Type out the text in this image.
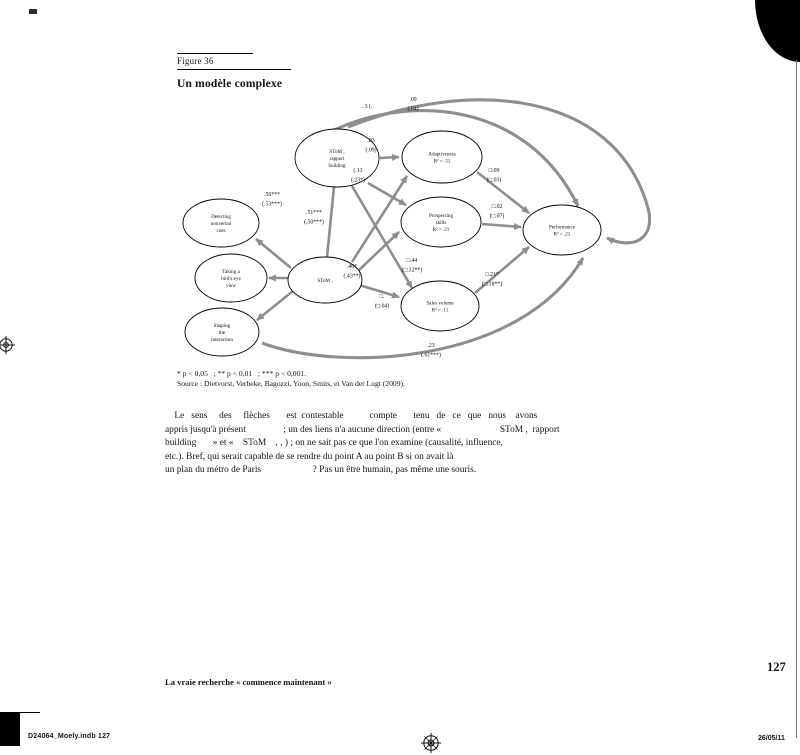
Figure 36
Un modèle complexe
SToM ,
rapport
building
Detecting
nonverbal
cues
Taking a
bird's eye
view
Shaping
the
interaction
SToM ,
Adaptiveness
R² = .51
Prospecting
skills
R² = .21
Sales volume
R² = .11
Performance
R² = .21
.03
(.09)
(.13
(.23*)
.56***
(.53***)
.51***
(.50***)
.46*
(.43**)
□.44
(□.32**)
□.
(□.04)
□.09
(□.03)
□.02
(□.07)
□.21*
(□.18**)
.09
(.04)
. 3 (.
.23
(.61***)
* p < 0,05   ; ** p < 0,01   ; *** p < 0,001.
Source : Dietvorst, Verbeke, Bagozzi, Yoon, Smits, et Van der Lugt (2009).
Le   sens     des     flèches       est  contestable           compte       tenu   de   ce   que   nous    avons
appris jusqu'à présent                ; un des liens n'a aucune direction (entre «                         SToM ,  rapport
building       » et «    SToM    , , ) ; on ne sait pas ce que l'on examine (causalité, influence,
etc.). Bref, qui serait capable de se rendre du point A au point B si on avait là
un plan du métro de Paris                      ? Pas un être humain, pas même une souris.
La vraie recherche « commence maintenant »
127
D24064_Moely.indb 127	26/05/11
